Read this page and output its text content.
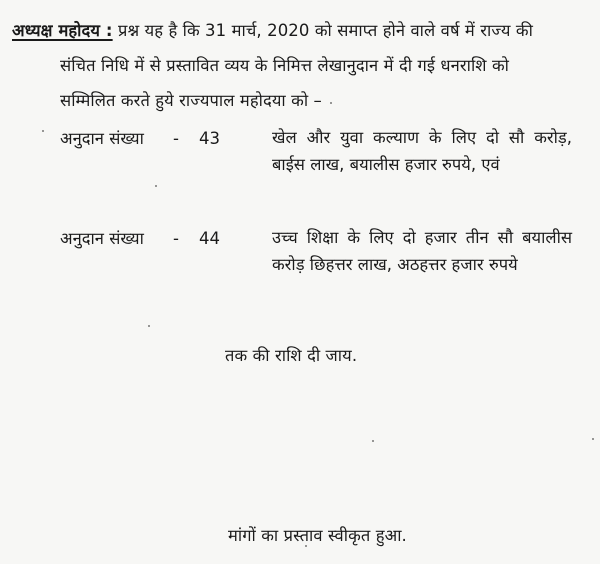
अध्यक्ष महोदय : प्रश्न यह है कि 31 मार्च, 2020 को समाप्त होने वाले वर्ष में राज्य की
संचित निधि में से प्रस्तावित व्यय के निमित्त लेखानुदान में दी गई धनराशि को
सम्मिलित करते हुये राज्यपाल महोदया को –
अनुदान संख्या - 43	खेल और युवा कल्याण के लिए दो सौ करोड़, बाईस लाख, बयालीस हजार रुपये, एवं
अनुदान संख्या - 44	उच्च शिक्षा के लिए दो हजार तीन सौ बयालीस करोड़ छिहत्तर लाख, अठहत्तर हजार रुपये
तक की राशि दी जाय.
मांगों का प्रस्ताव स्वीकृत हुआ.
